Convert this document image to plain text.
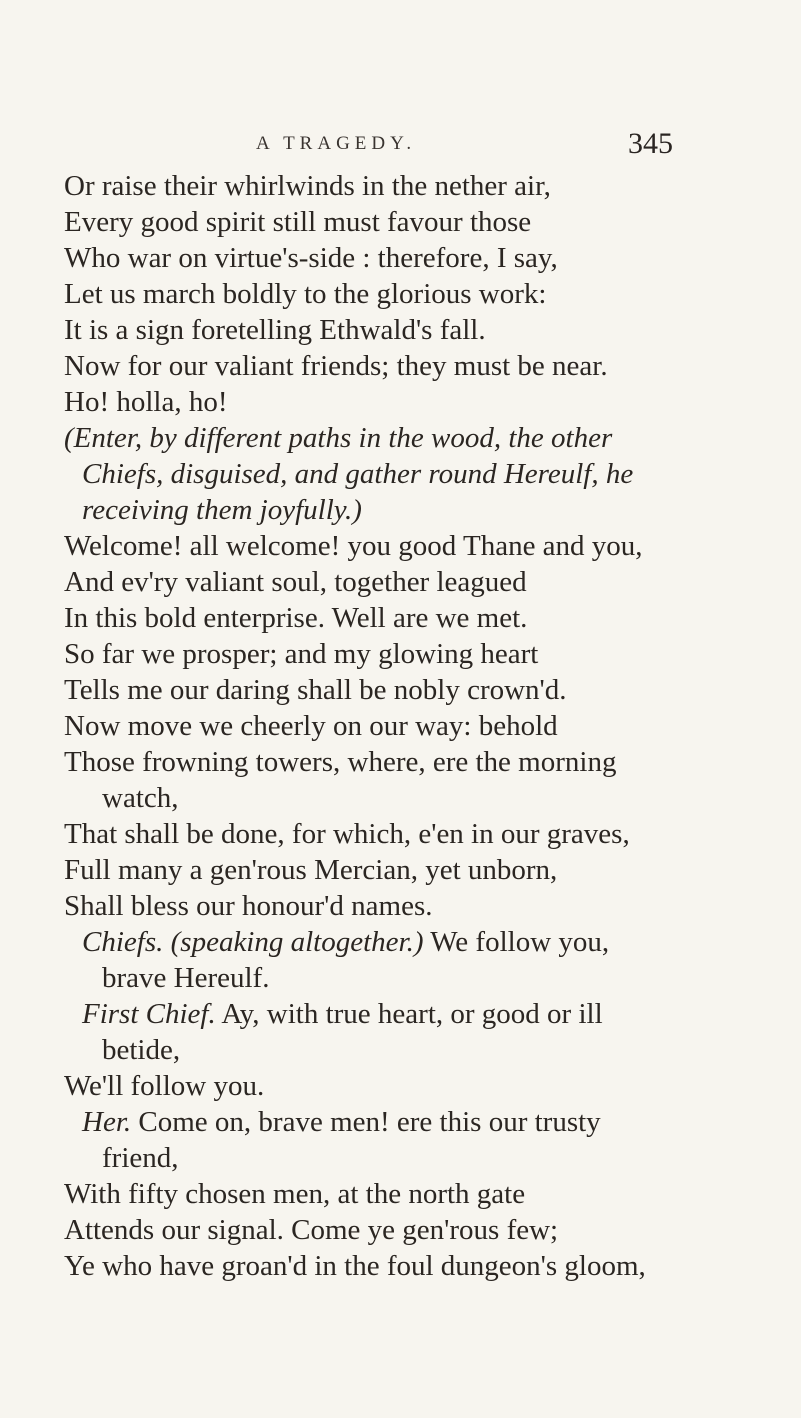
A TRAGEDY.	345
Or raise their whirlwinds in the nether air,
Every good spirit still must favour those
Who war on virtue's-side : therefore, I say,
Let us march boldly to the glorious work:
It is a sign foretelling Ethwald's fall.
Now for our valiant friends; they must be near.
Ho! holla, ho!
(Enter, by different paths in the wood, the other
Chiefs, disguised, and gather round Hereulf, he
receiving them joyfully.)
Welcome! all welcome! you good Thane and you,
And ev'ry valiant soul, together leagued
In this bold enterprise. Well are we met.
So far we prosper; and my glowing heart
Tells me our daring shall be nobly crown'd.
Now move we cheerly on our way: behold
Those frowning towers, where, ere the morning
watch,
That shall be done, for which, e'en in our graves,
Full many a gen'rous Mercian, yet unborn,
Shall bless our honour'd names.
Chiefs. (speaking altogether.) We follow you,
brave Hereulf.
First Chief. Ay, with true heart, or good or ill
betide,
We'll follow you.
Her. Come on, brave men! ere this our trusty
friend,
With fifty chosen men, at the north gate
Attends our signal. Come ye gen'rous few;
Ye who have groan'd in the foul dungeon's gloom,
